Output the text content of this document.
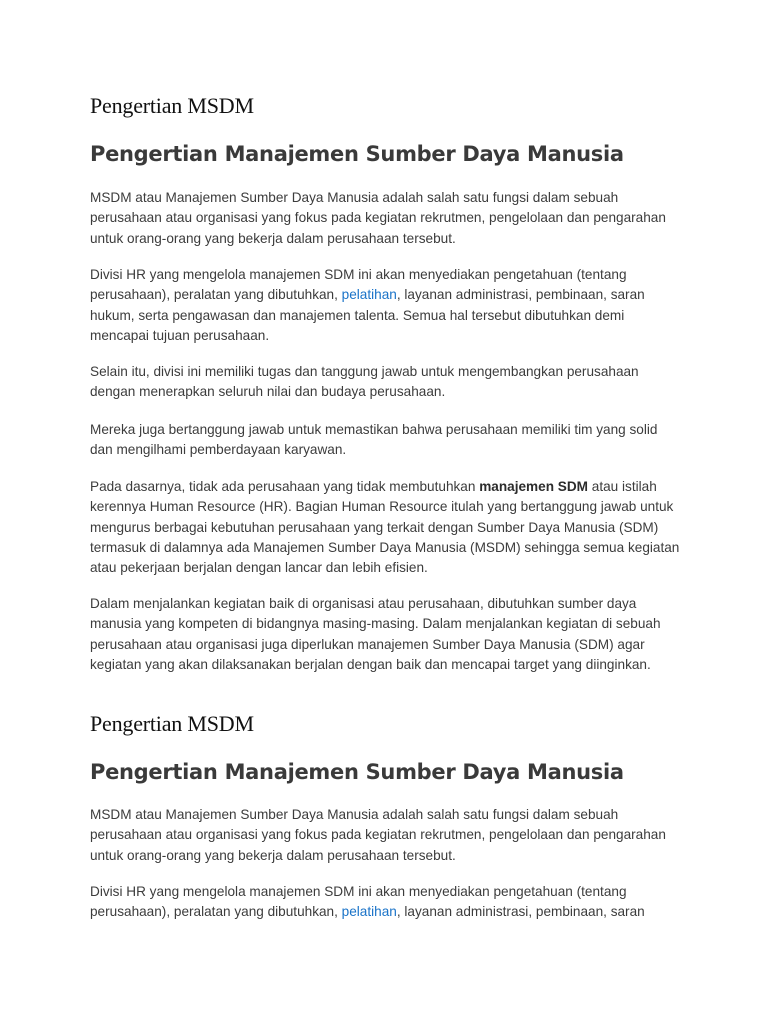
Pengertian MSDM
Pengertian Manajemen Sumber Daya Manusia

MSDM atau Manajemen Sumber Daya Manusia adalah salah satu fungsi dalam sebuah perusahaan atau organisasi yang fokus pada kegiatan rekrutmen, pengelolaan dan pengarahan untuk orang-orang yang bekerja dalam perusahaan tersebut.

Divisi HR yang mengelola manajemen SDM ini akan menyediakan pengetahuan (tentang perusahaan), peralatan yang dibutuhkan, pelatihan, layanan administrasi, pembinaan, saran hukum, serta pengawasan dan manajemen talenta. Semua hal tersebut dibutuhkan demi mencapai tujuan perusahaan.

Selain itu, divisi ini memiliki tugas dan tanggung jawab untuk mengembangkan perusahaan dengan menerapkan seluruh nilai dan budaya perusahaan.

Mereka juga bertanggung jawab untuk memastikan bahwa perusahaan memiliki tim yang solid dan mengilhami pemberdayaan karyawan.

Pada dasarnya, tidak ada perusahaan yang tidak membutuhkan manajemen SDM atau istilah kerennya Human Resource (HR). Bagian Human Resource itulah yang bertanggung jawab untuk mengurus berbagai kebutuhan perusahaan yang terkait dengan Sumber Daya Manusia (SDM) termasuk di dalamnya ada Manajemen Sumber Daya Manusia (MSDM) sehingga semua kegiatan atau pekerjaan berjalan dengan lancar dan lebih efisien.

Dalam menjalankan kegiatan baik di organisasi atau perusahaan, dibutuhkan sumber daya manusia yang kompeten di bidangnya masing-masing. Dalam menjalankan kegiatan di sebuah perusahaan atau organisasi juga diperlukan manajemen Sumber Daya Manusia (SDM) agar kegiatan yang akan dilaksanakan berjalan dengan baik dan mencapai target yang diinginkan.

Pengertian MSDM
Pengertian Manajemen Sumber Daya Manusia

MSDM atau Manajemen Sumber Daya Manusia adalah salah satu fungsi dalam sebuah perusahaan atau organisasi yang fokus pada kegiatan rekrutmen, pengelolaan dan pengarahan untuk orang-orang yang bekerja dalam perusahaan tersebut.

Divisi HR yang mengelola manajemen SDM ini akan menyediakan pengetahuan (tentang perusahaan), peralatan yang dibutuhkan, pelatihan, layanan administrasi, pembinaan, saran
